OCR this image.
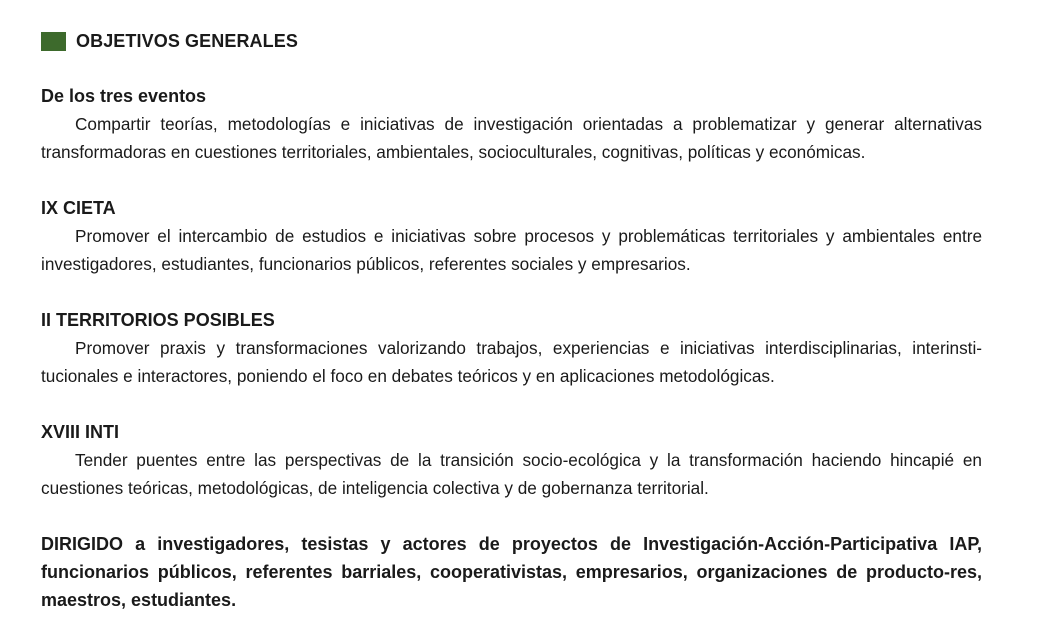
OBJETIVOS GENERALES
De los tres eventos

Compartir teorías, metodologías e iniciativas de investigación orientadas a problematizar y generar alternativas transformadoras en cuestiones territoriales, ambientales, socioculturales, cognitivas, políticas y económicas.

IX CIETA

Promover el intercambio de estudios e iniciativas sobre procesos y problemáticas territoriales y ambientales entre investigadores, estudiantes, funcionarios públicos, referentes sociales y empresarios.

II TERRITORIOS POSIBLES

Promover praxis y transformaciones valorizando trabajos, experiencias e iniciativas interdisciplinarias, interinsti-tucionales e interactores, poniendo el foco en debates teóricos y en aplicaciones metodológicas.

XVIII INTI

Tender puentes entre las perspectivas de la transición socio-ecológica y la transformación haciendo hincapié en cuestiones teóricas, metodológicas, de inteligencia colectiva y de gobernanza territorial.

DIRIGIDO a investigadores, tesistas y actores de proyectos de Investigación-Acción-Participativa IAP, funcionarios públicos, referentes barriales, cooperativistas, empresarios, organizaciones de producto-res, maestros, estudiantes.
